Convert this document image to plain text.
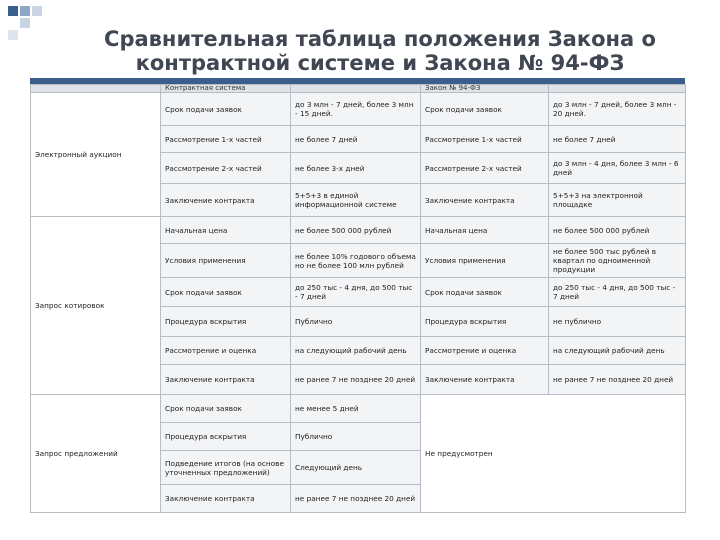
Сравнительная таблица положения Закона о
контрактной системе и Закона № 94-ФЗ
	Контрактная система		Закон № 94-ФЗ	
Электронный аукцион	Срок подачи заявок	до 3 млн - 7 дней, более 3 млн - 15 дней.	Срок подачи заявок	до 3 млн - 7 дней, более 3 млн - 20 дней.
	Рассмотрение 1-х частей	не более 7 дней	Рассмотрение 1-х частей	не более 7 дней
	Рассмотрение 2-х частей	не более 3-х дней	Рассмотрение 2-х частей	до 3 млн - 4 дня, более 3 млн - 6 дней
	Заключение контракта	5+5+3 в единой информационной системе	Заключение контракта	5+5+3 на электронной площадке
Запрос котировок	Начальная цена	не более 500 000 рублей	Начальная цена	не более 500 000 рублей
	Условия применения	не более 10% годового объема но не более 100 млн рублей	Условия применения	не более 500 тыс рублей в квартал по одноименной продукции
	Срок подачи заявок	до 250 тыс - 4 дня, до 500 тыс - 7 дней	Срок подачи заявок	до 250 тыс - 4 дня, до 500 тыс - 7 дней
	Процедура вскрытия	Публично	Процедура вскрытия	не публично
	Рассмотрение и оценка	на следующий рабочий день	Рассмотрение и оценка	на следующий рабочий день
	Заключение контракта	не ранее 7 не позднее 20 дней	Заключение контракта	не ранее 7 не позднее 20 дней
Запрос предложений	Срок подачи заявок	не менее 5 дней	Не предусмотрен	
	Процедура вскрытия	Публично		
	Подведение итогов (на основе уточненных предложений)	Следующий день		
	Заключение контракта	не ранее 7 не позднее 20 дней		
